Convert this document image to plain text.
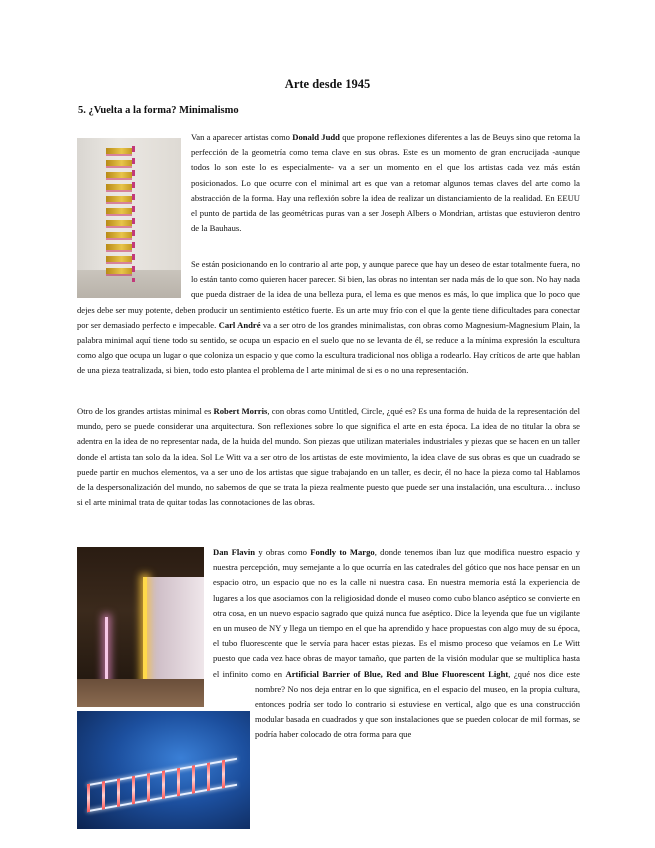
Arte desde 1945
5. ¿Vuelta a la forma? Minimalismo

Van a aparecer artistas como Donald Judd que propone reflexiones diferentes a las de Beuys sino que retoma la perfección de la geometría como tema clave en sus obras. Este es un momento de gran encrucijada -aunque todos lo son este lo es especialmente- va a ser un momento en el que los artistas cada vez más están posicionados. Lo que ocurre con el minimal art es que van a retomar algunos temas claves del arte como la abstracción de la forma. Hay una reflexión sobre la idea de realizar un distanciamiento de la realidad. En EEUU el punto de partida de las geométricas puras van a ser Joseph Albers o Mondrian, artistas que estuvieron dentro de la Bauhaus.

Se están posicionando en lo contrario al arte pop, y aunque parece que hay un deseo de estar totalmente fuera, no lo están tanto como quieren hacer parecer. Si bien, las obras no intentan ser nada más de lo que son. No hay nada que pueda distraer de la idea de una belleza pura, el lema es que menos es más, lo que implica que lo poco que dejes debe ser muy potente, deben producir un sentimiento estético fuerte. Es un arte muy frío con el que la gente tiene dificultades para conectar por ser demasiado perfecto e impecable. Carl André va a ser otro de los grandes minimalistas, con obras como Magnesium-Magnesium Plain, la palabra minimal aquí tiene todo su sentido, se ocupa un espacio en el suelo que no se levanta de él, se reduce a la mínima expresión la escultura como algo que ocupa un lugar o que coloniza un espacio y que como la escultura tradicional nos obliga a rodearlo. Hay críticos de arte que hablan de una pieza teatralizada, si bien, todo esto plantea el problema de l arte minimal de si es o no una representación.

Otro de los grandes artistas minimal es Robert Morris, con obras como Untitled, Circle, ¿qué es? Es una forma de huida de la representación del mundo, pero se puede considerar una arquitectura. Son reflexiones sobre lo que significa el arte en esta época. La idea de no titular la obra se adentra en la idea de no representar nada, de la huida del mundo. Son piezas que utilizan materiales industriales y piezas que se hacen en un taller donde el artista tan solo da la idea. Sol Le Witt va a ser otro de los artistas de este movimiento, la idea clave de sus obras es que un cuadrado se puede partir en muchos elementos, va a ser uno de los artistas que sigue trabajando en un taller, es decir, él no hace la pieza como tal Hablamos de la despersonalización del mundo, no sabemos de que se trata la pieza realmente puesto que puede ser una instalación, una escultura… incluso si el arte minimal trata de quitar todas las connotaciones de las obras.

Dan Flavin y obras como Fondly to Margo, donde tenemos iban luz que modifica nuestro espacio y nuestra percepción, muy semejante a lo que ocurría en las catedrales del gótico que nos hace pensar en un espacio otro, un espacio que no es la calle ni nuestra casa. En nuestra memoria está la experiencia de lugares a los que asociamos con la religiosidad donde el museo como cubo blanco aséptico se convierte en otra cosa, en un nuevo espacio sagrado que quizá nunca fue aséptico. Dice la leyenda que fue un vigilante en un museo de NY y llega un tiempo en el que ha aprendido y hace propuestas con algo muy de su época, el tubo fluorescente que le servía para hacer estas piezas. Es el mismo proceso que veíamos en Le Witt puesto que cada vez hace obras de mayor tamaño, que parten de la visión modular que se multiplica hasta el infinito como en Artificial Barrier of Blue, Red and Blue Fluorescent Light, ¿qué nos dice este nombre? No nos deja entrar en lo que significa, en el espacio del museo, en la propia cultura, entonces podría ser todo lo contrario si estuviese en vertical, algo que es una construcción modular basada en cuadrados y que son instalaciones que se pueden colocar de mil formas, se podría haber colocado de otra forma para que
